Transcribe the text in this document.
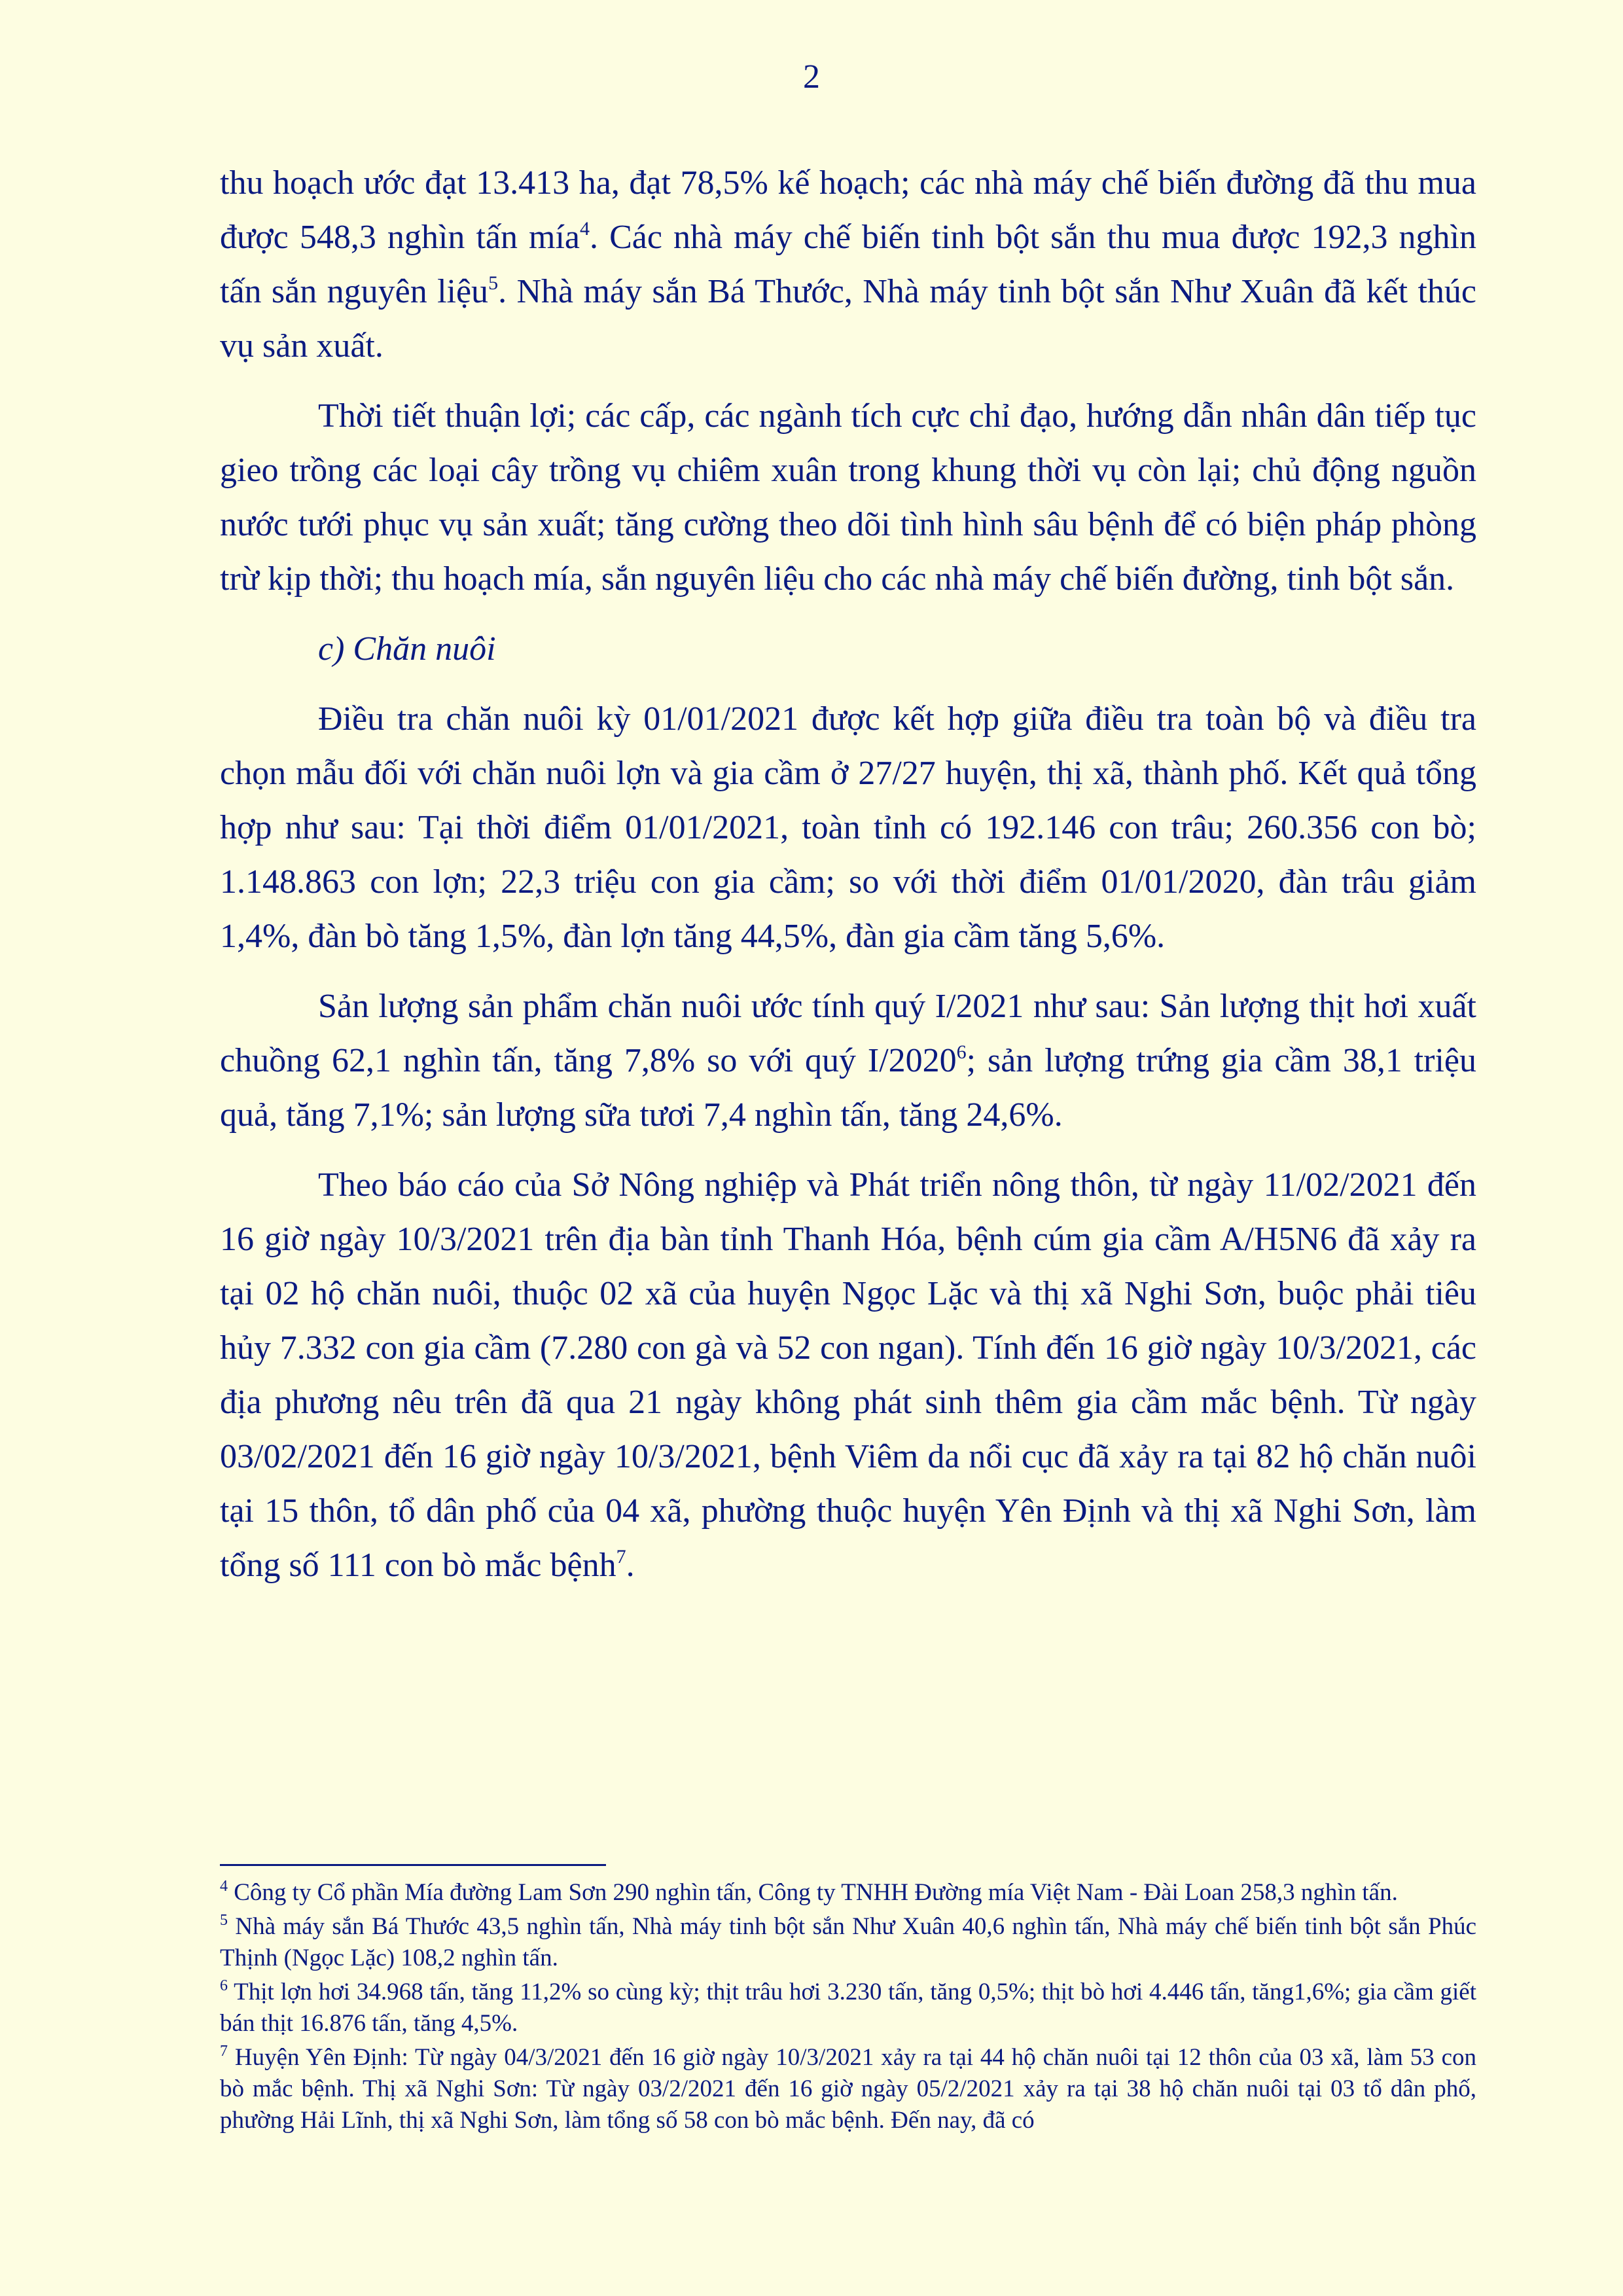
2

thu hoạch ước đạt 13.413 ha, đạt 78,5% kế hoạch; các nhà máy chế biến đường đã thu mua được 548,3 nghìn tấn mía$^4$. Các nhà máy chế biến tinh bột sắn thu mua được 192,3 nghìn tấn sắn nguyên liệu$^5$. Nhà máy sắn Bá Thước, Nhà máy tinh bột sắn Như Xuân đã kết thúc vụ sản xuất.

Thời tiết thuận lợi; các cấp, các ngành tích cực chỉ đạo, hướng dẫn nhân dân tiếp tục gieo trồng các loại cây trồng vụ chiêm xuân trong khung thời vụ còn lại; chủ động nguồn nước tưới phục vụ sản xuất; tăng cường theo dõi tình hình sâu bệnh để có biện pháp phòng trừ kịp thời; thu hoạch mía, sắn nguyên liệu cho các nhà máy chế biến đường, tinh bột sắn.

c) Chăn nuôi

Điều tra chăn nuôi kỳ 01/01/2021 được kết hợp giữa điều tra toàn bộ và điều tra chọn mẫu đối với chăn nuôi lợn và gia cầm ở 27/27 huyện, thị xã, thành phố. Kết quả tổng hợp như sau: Tại thời điểm 01/01/2021, toàn tỉnh có 192.146 con trâu; 260.356 con bò; 1.148.863 con lợn; 22,3 triệu con gia cầm; so với thời điểm 01/01/2020, đàn trâu giảm 1,4%, đàn bò tăng 1,5%, đàn lợn tăng 44,5%, đàn gia cầm tăng 5,6%.

Sản lượng sản phẩm chăn nuôi ước tính quý I/2021 như sau: Sản lượng thịt hơi xuất chuồng 62,1 nghìn tấn, tăng 7,8% so với quý I/2020$^6$; sản lượng trứng gia cầm 38,1 triệu quả, tăng 7,1%; sản lượng sữa tươi 7,4 nghìn tấn, tăng 24,6%.

Theo báo cáo của Sở Nông nghiệp và Phát triển nông thôn, từ ngày 11/02/2021 đến 16 giờ ngày 10/3/2021 trên địa bàn tỉnh Thanh Hóa, bệnh cúm gia cầm A/H5N6 đã xảy ra tại 02 hộ chăn nuôi, thuộc 02 xã của huyện Ngọc Lặc và thị xã Nghi Sơn, buộc phải tiêu hủy 7.332 con gia cầm (7.280 con gà và 52 con ngan). Tính đến 16 giờ ngày 10/3/2021, các địa phương nêu trên đã qua 21 ngày không phát sinh thêm gia cầm mắc bệnh. Từ ngày 03/02/2021 đến 16 giờ ngày 10/3/2021, bệnh Viêm da nổi cục đã xảy ra tại 82 hộ chăn nuôi tại 15 thôn, tổ dân phố của 04 xã, phường thuộc huyện Yên Định và thị xã Nghi Sơn, làm tổng số 111 con bò mắc bệnh$^7$.

$^4$ Công ty Cổ phần Mía đường Lam Sơn 290 nghìn tấn, Công ty TNHH Đường mía Việt Nam - Đài Loan 258,3 nghìn tấn.

$^5$ Nhà máy sắn Bá Thước 43,5 nghìn tấn, Nhà máy tinh bột sắn Như Xuân 40,6 nghìn tấn, Nhà máy chế biến tinh bột sắn Phúc Thịnh (Ngọc Lặc) 108,2 nghìn tấn.

$^6$ Thịt lợn hơi 34.968 tấn, tăng 11,2% so cùng kỳ; thịt trâu hơi 3.230 tấn, tăng 0,5%; thịt bò hơi 4.446 tấn, tăng1,6%; gia cầm giết bán thịt 16.876 tấn, tăng 4,5%.

$^7$ Huyện Yên Định: Từ ngày 04/3/2021 đến 16 giờ ngày 10/3/2021 xảy ra tại 44 hộ chăn nuôi tại 12 thôn của 03 xã, làm 53 con bò mắc bệnh. Thị xã Nghi Sơn: Từ ngày 03/2/2021 đến 16 giờ ngày 05/2/2021 xảy ra tại 38 hộ chăn nuôi tại 03 tổ dân phố, phường Hải Lĩnh, thị xã Nghi Sơn, làm tổng số 58 con bò mắc bệnh. Đến nay, đã có
